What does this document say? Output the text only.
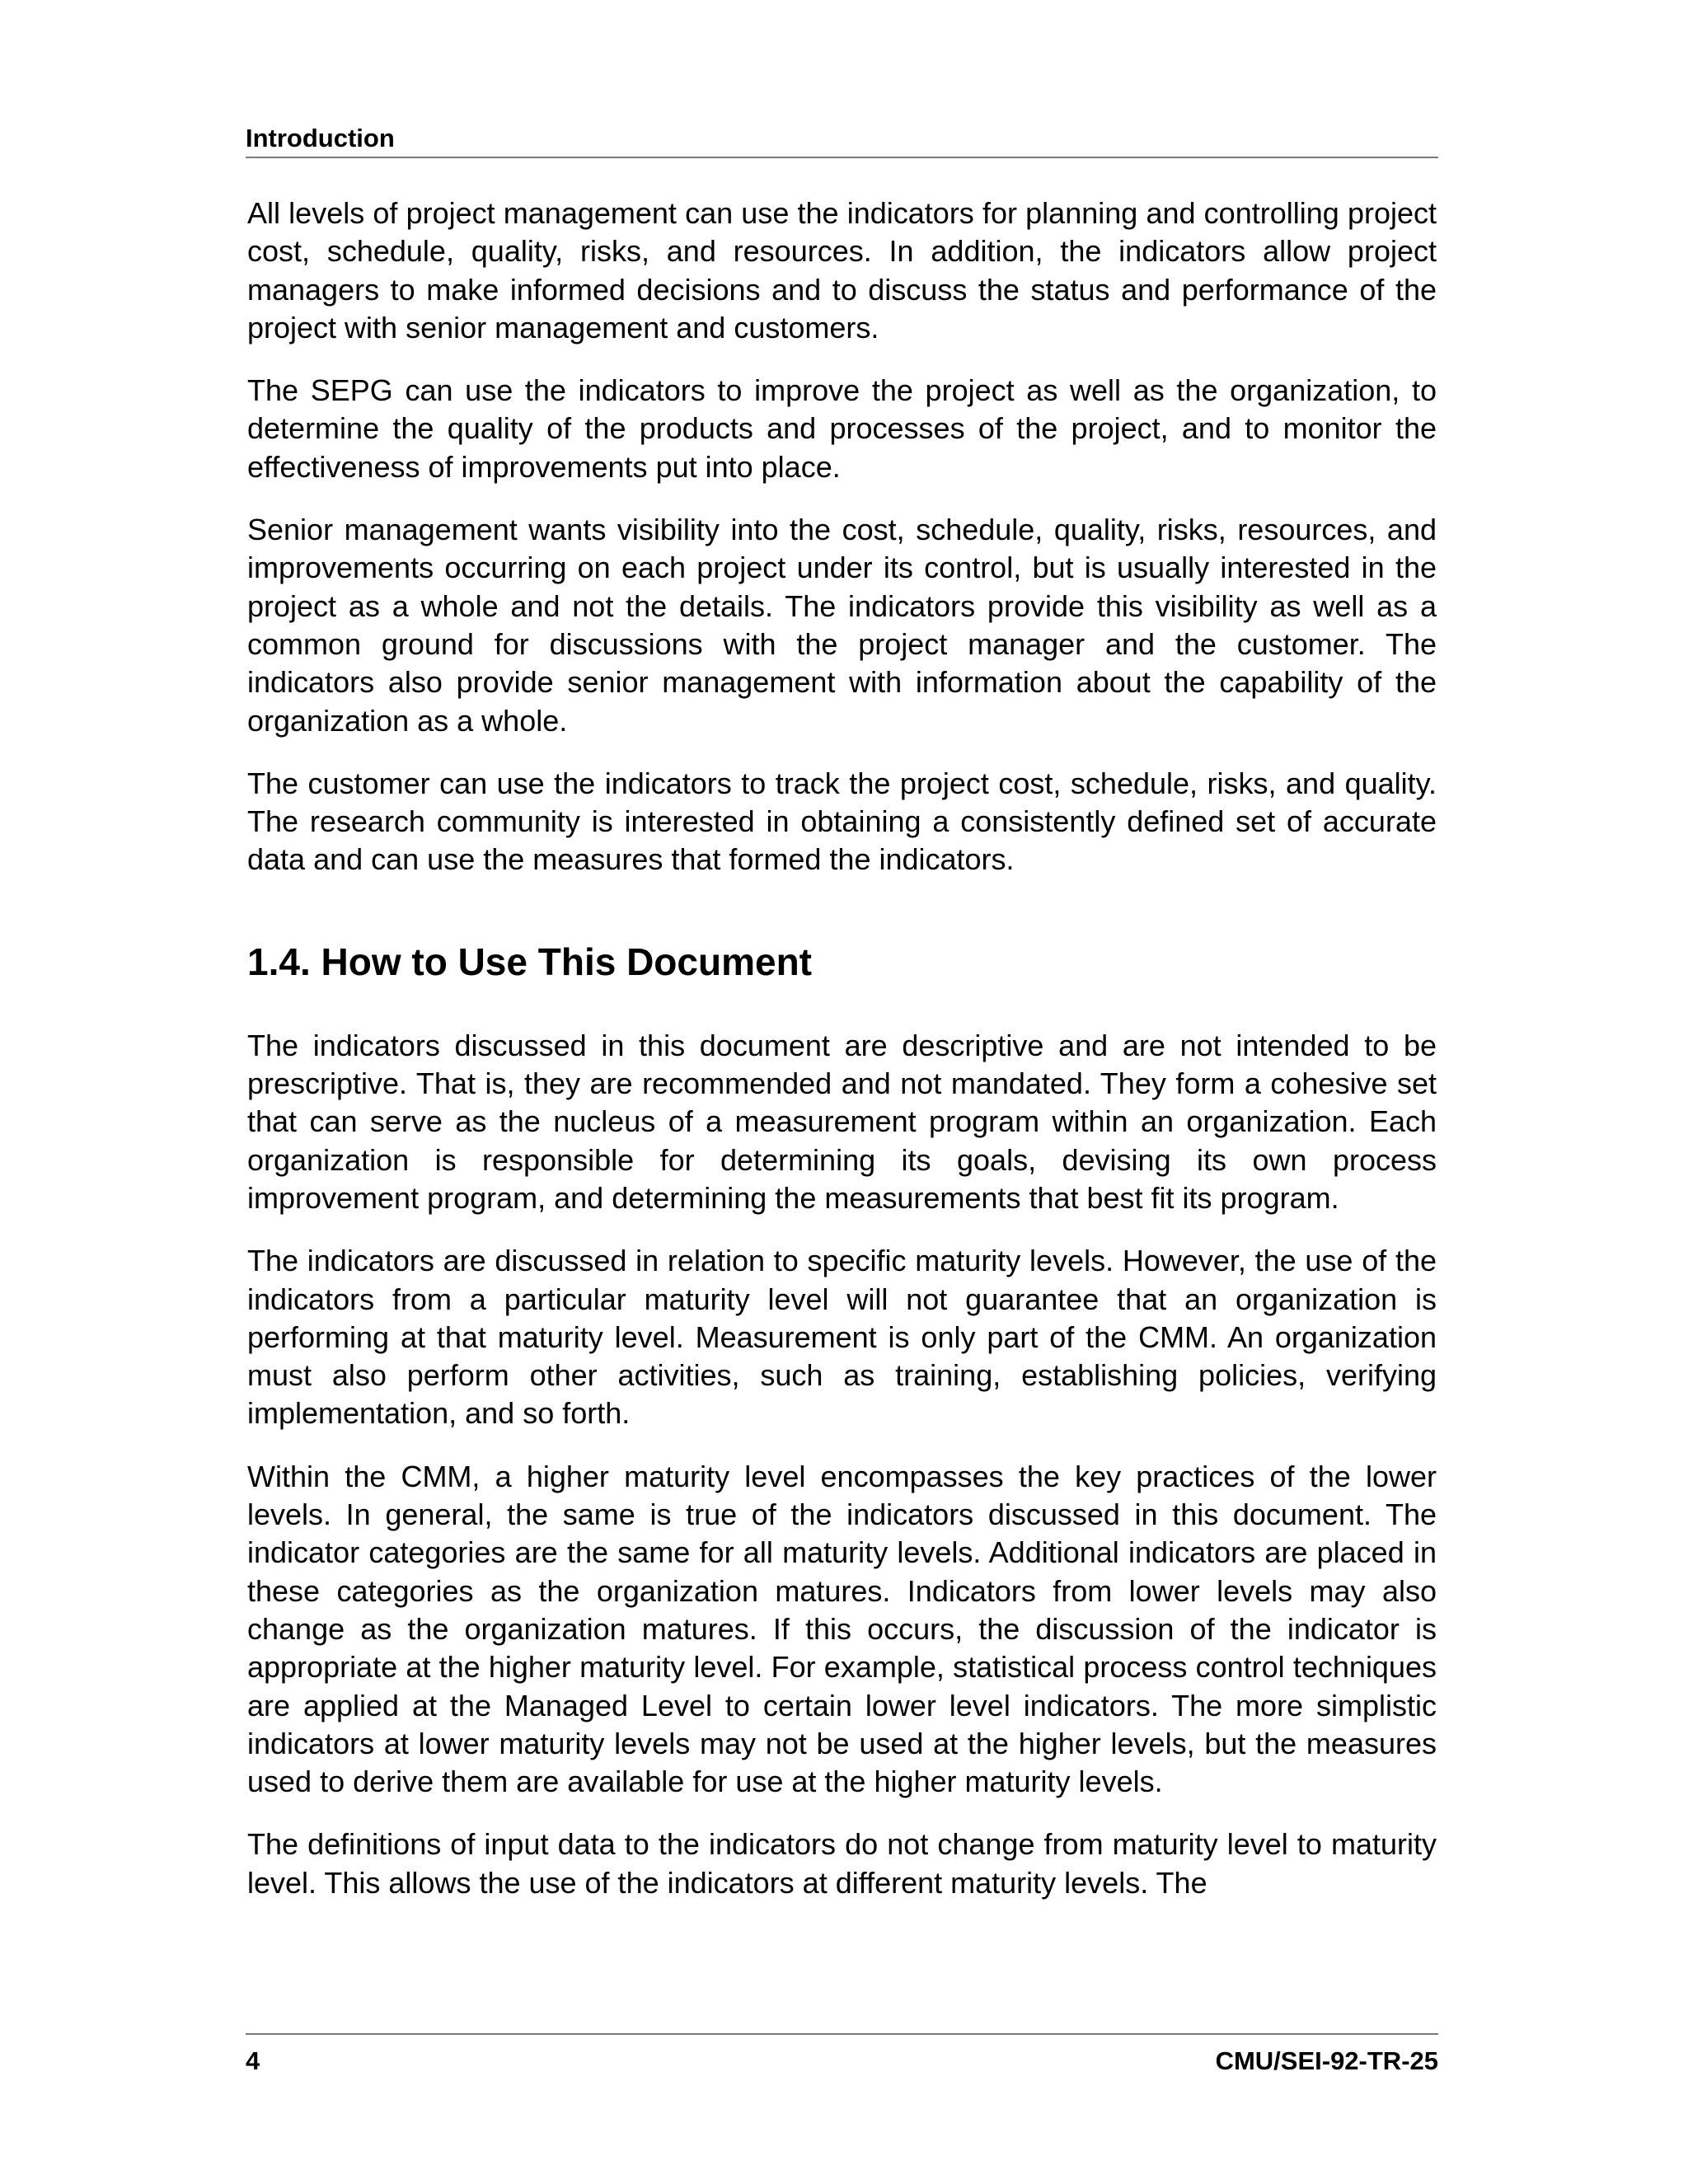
Introduction

All levels of project management can use the indicators for planning and controlling project cost, schedule, quality, risks, and resources. In addition, the indicators allow project managers to make informed decisions and to discuss the status and performance of the project with senior management and customers.

The SEPG can use the indicators to improve the project as well as the organization, to determine the quality of the products and processes of the project, and to monitor the effectiveness of improvements put into place.

Senior management wants visibility into the cost, schedule, quality, risks, resources, and improvements occurring on each project under its control, but is usually interested in the project as a whole and not the details. The indicators provide this visibility as well as a common ground for discussions with the project manager and the customer. The indicators also provide senior management with information about the capability of the organization as a whole.

The customer can use the indicators to track the project cost, schedule, risks, and quality. The research community is interested in obtaining a consistently defined set of accurate data and can use the measures that formed the indicators.

1.4. How to Use This Document

The indicators discussed in this document are descriptive and are not intended to be prescriptive. That is, they are recommended and not mandated. They form a cohesive set that can serve as the nucleus of a measurement program within an organization. Each organization is responsible for determining its goals, devising its own process improvement program, and determining the measurements that best fit its program.

The indicators are discussed in relation to specific maturity levels. However, the use of the indicators from a particular maturity level will not guarantee that an organization is performing at that maturity level. Measurement is only part of the CMM. An organization must also perform other activities, such as training, establishing policies, verifying implementation, and so forth.

Within the CMM, a higher maturity level encompasses the key practices of the lower levels. In general, the same is true of the indicators discussed in this document. The indicator categories are the same for all maturity levels. Additional indicators are placed in these categories as the organization matures. Indicators from lower levels may also change as the organization matures. If this occurs, the discussion of the indicator is appropriate at the higher maturity level. For example, statistical process control techniques are applied at the Managed Level to certain lower level indicators. The more simplistic indicators at lower maturity levels may not be used at the higher levels, but the measures used to derive them are available for use at the higher maturity levels.

The definitions of input data to the indicators do not change from maturity level to maturity level. This allows the use of the indicators at different maturity levels. The

4	CMU/SEI-92-TR-25
